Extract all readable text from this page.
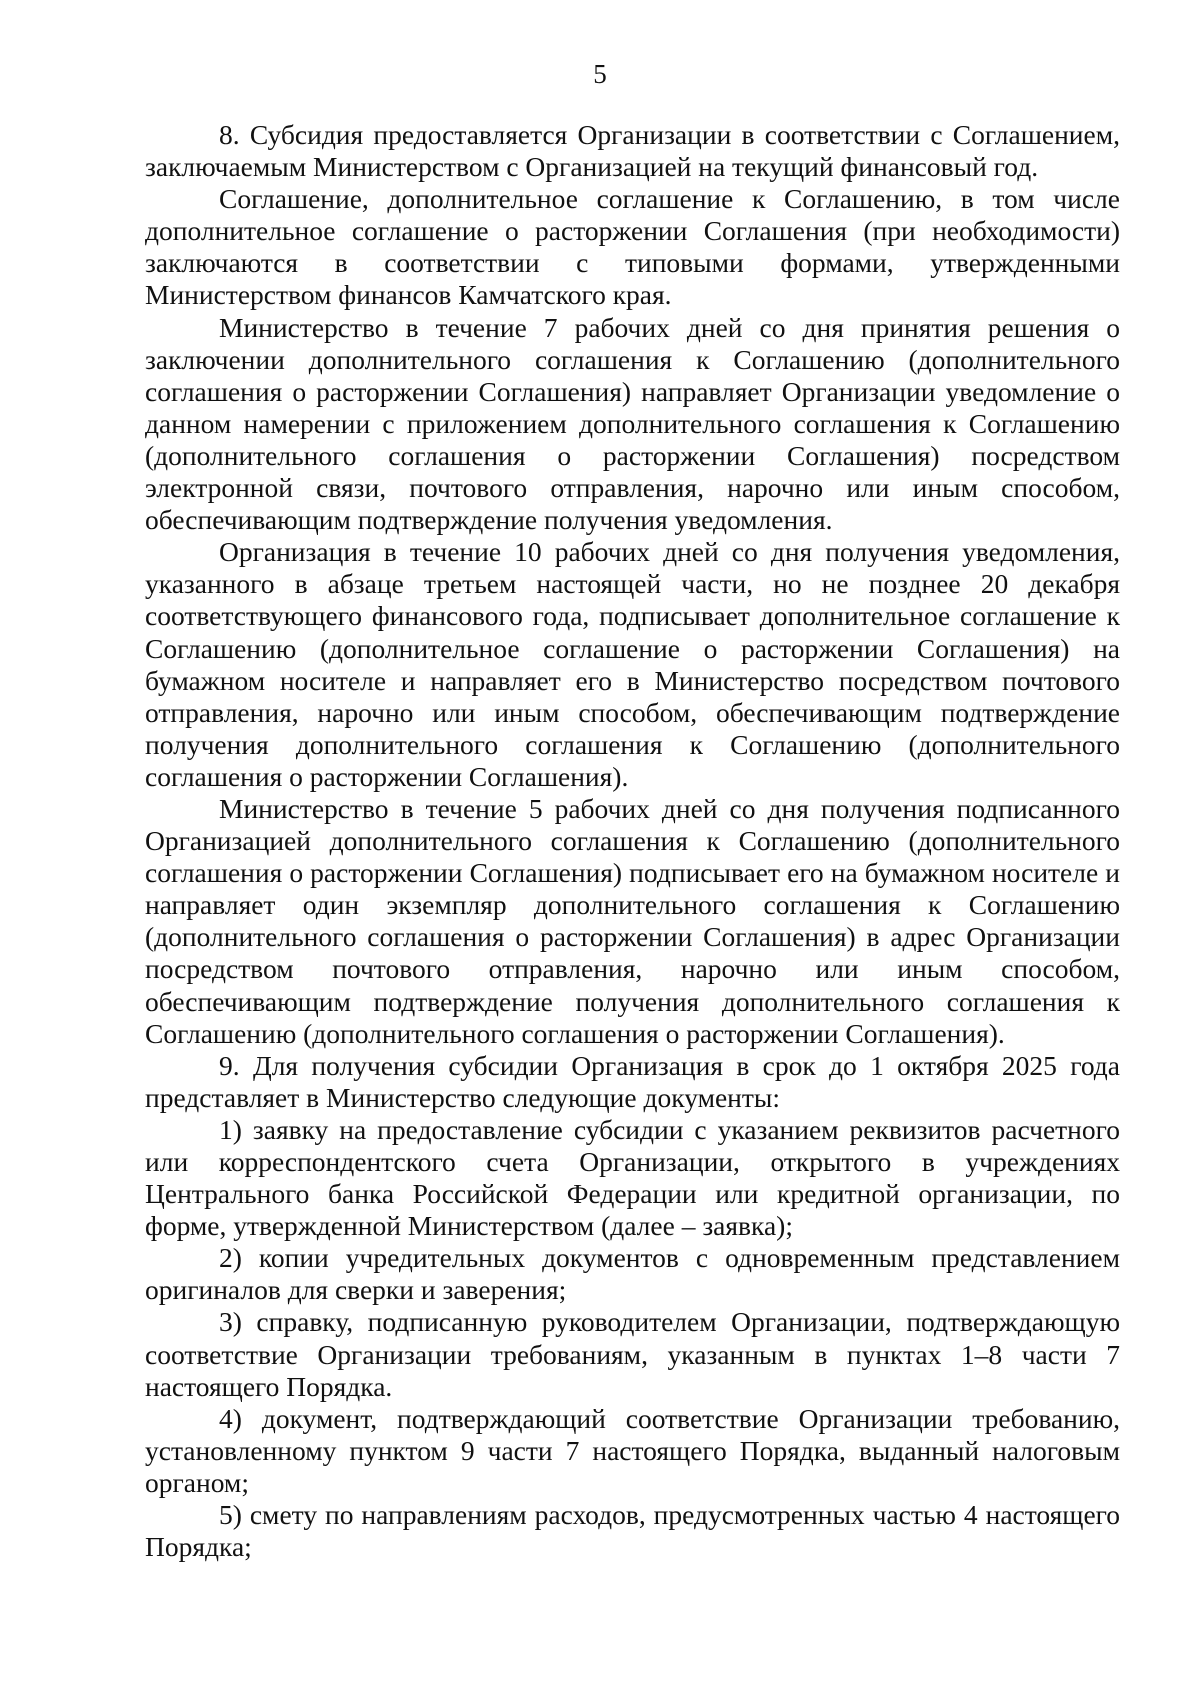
5

8. Субсидия предоставляется Организации в соответствии с Соглашением, заключаемым Министерством с Организацией на текущий финансовый год.

Соглашение, дополнительное соглашение к Соглашению, в том числе дополнительное соглашение о расторжении Соглашения (при необходимости) заключаются в соответствии с типовыми формами, утвержденными Министерством финансов Камчатского края.

Министерство в течение 7 рабочих дней со дня принятия решения о заключении дополнительного соглашения к Соглашению (дополнительного соглашения о расторжении Соглашения) направляет Организации уведомление о данном намерении с приложением дополнительного соглашения к Соглашению (дополнительного соглашения о расторжении Соглашения) посредством электронной связи, почтового отправления, нарочно или иным способом, обеспечивающим подтверждение получения уведомления.

Организация в течение 10 рабочих дней со дня получения уведомления, указанного в абзаце третьем настоящей части, но не позднее 20 декабря соответствующего финансового года, подписывает дополнительное соглашение к Соглашению (дополнительное соглашение о расторжении Соглашения) на бумажном носителе и направляет его в Министерство посредством почтового отправления, нарочно или иным способом, обеспечивающим подтверждение получения дополнительного соглашения к Соглашению (дополнительного соглашения о расторжении Соглашения).

Министерство в течение 5 рабочих дней со дня получения подписанного Организацией дополнительного соглашения к Соглашению (дополнительного соглашения о расторжении Соглашения) подписывает его на бумажном носителе и направляет один экземпляр дополнительного соглашения к Соглашению (дополнительного соглашения о расторжении Соглашения) в адрес Организации посредством почтового отправления, нарочно или иным способом, обеспечивающим подтверждение получения дополнительного соглашения к Соглашению (дополнительного соглашения о расторжении Соглашения).

9. Для получения субсидии Организация в срок до 1 октября 2025 года представляет в Министерство следующие документы:

1) заявку на предоставление субсидии с указанием реквизитов расчетного или корреспондентского счета Организации, открытого в учреждениях Центрального банка Российской Федерации или кредитной организации, по форме, утвержденной Министерством (далее – заявка);

2) копии учредительных документов с одновременным представлением оригиналов для сверки и заверения;

3) справку, подписанную руководителем Организации, подтверждающую соответствие Организации требованиям, указанным в пунктах 1–8 части 7 настоящего Порядка.

4) документ, подтверждающий соответствие Организации требованию, установленному пунктом 9 части 7 настоящего Порядка, выданный налоговым органом;

5) смету по направлениям расходов, предусмотренных частью 4 настоящего Порядка;
